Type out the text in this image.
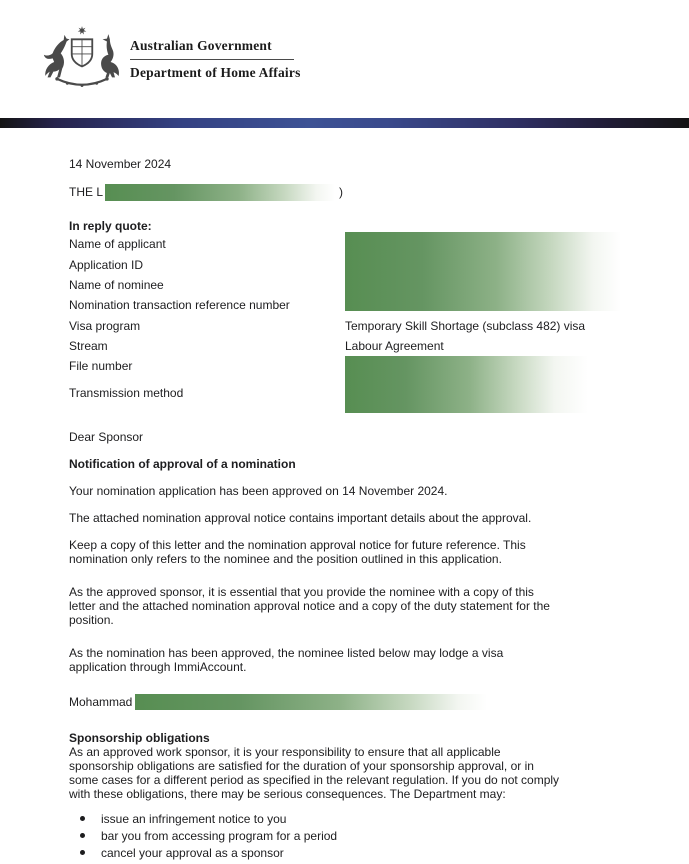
Australian Government
Department of Home Affairs
14 November 2024
THE L	)
In reply quote:
Name of applicant
Application ID
Name of nominee
Nomination transaction reference number
Visa program
Stream
File number
Transmission method
Temporary Skill Shortage (subclass 482) visa
Labour Agreement
Dear Sponsor
Notification of approval of a nomination
Your nomination application has been approved on 14 November 2024.
The attached nomination approval notice contains important details about the approval.
Keep a copy of this letter and the nomination approval notice for future reference. This
nomination only refers to the nominee and the position outlined in this application.
As the approved sponsor, it is essential that you provide the nominee with a copy of this
letter and the attached nomination approval notice and a copy of the duty statement for the
position.
As the nomination has been approved, the nominee listed below may lodge a visa
application through ImmiAccount.
Mohammad
Sponsorship obligations
As an approved work sponsor, it is your responsibility to ensure that all applicable
sponsorship obligations are satisfied for the duration of your sponsorship approval, or in
some cases for a different period as specified in the relevant regulation. If you do not comply
with these obligations, there may be serious consequences. The Department may:
issue an infringement notice to you
bar you from accessing program for a period
cancel your approval as a sponsor
